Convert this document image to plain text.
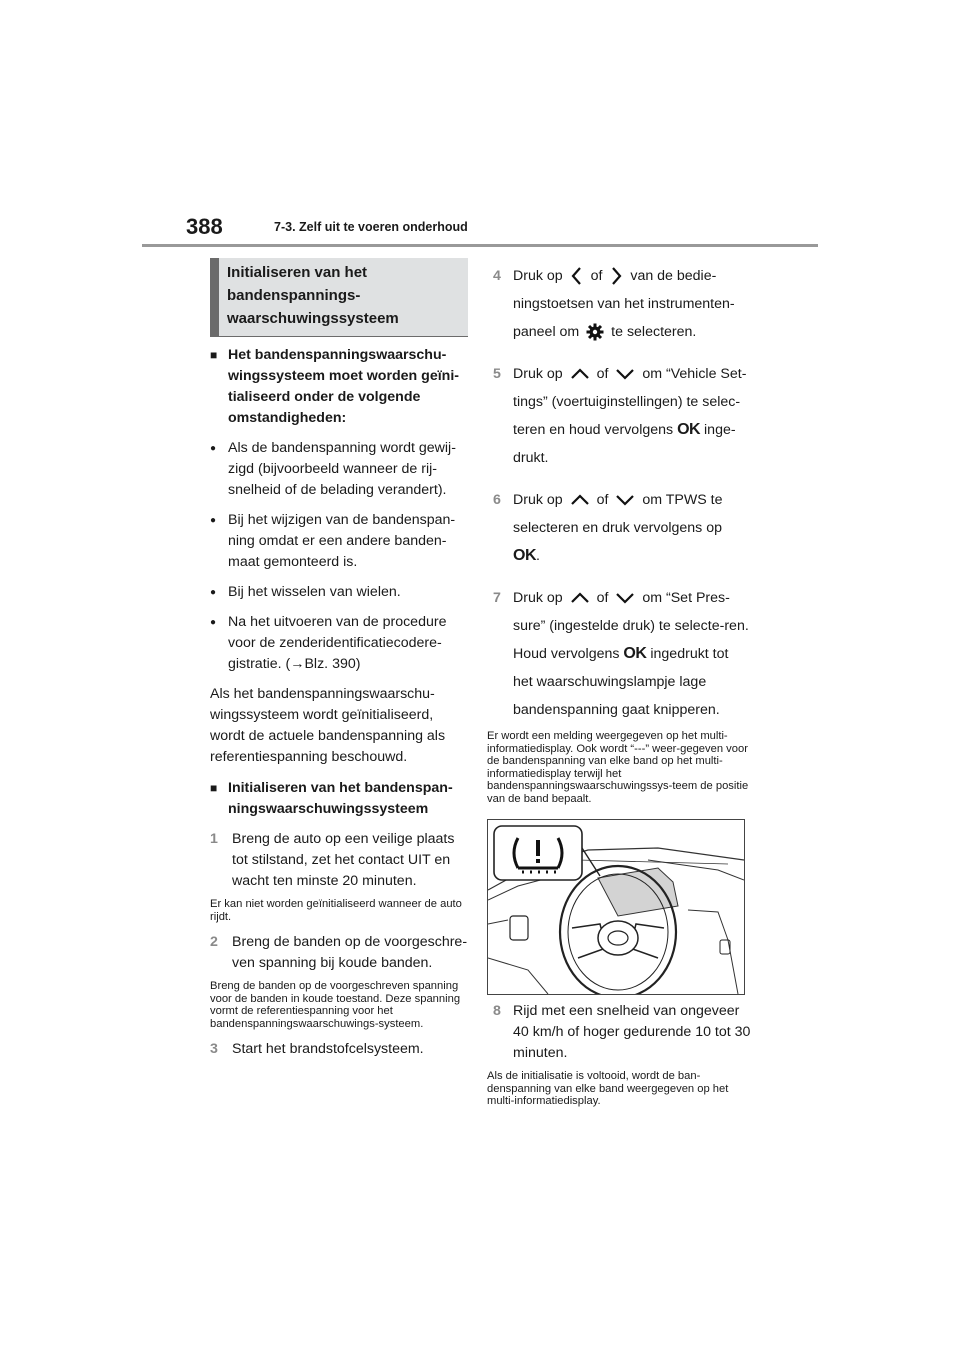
388	7-3. Zelf uit te voeren onderhoud
Initialiseren van het
bandenspannings-
waarschuwingssysteem
■ Het bandenspanningswaarschu-wingssysteem moet worden geïni-tialiseerd onder de volgende omstandigheden:
● Als de bandenspanning wordt gewij-zigd (bijvoorbeeld wanneer de rij-snelheid of de belading verandert).
● Bij het wijzigen van de bandenspan-ning omdat er een andere banden-maat gemonteerd is.
● Bij het wisselen van wielen.
● Na het uitvoeren van de procedure voor de zenderidentificatiecodere-gistratie. (→Blz. 390)
Als het bandenspanningswaarschu-wingssysteem wordt geïnitialiseerd, wordt de actuele bandenspanning als referentiespanning beschouwd.
■ Initialiseren van het bandenspan-ningswaarschuwingssysteem
1 Breng de auto op een veilige plaats tot stilstand, zet het contact UIT en wacht ten minste 20 minuten.
Er kan niet worden geïnitialiseerd wanneer de auto rijdt.
2 Breng de banden op de voorgeschre-ven spanning bij koude banden.
Breng de banden op de voorgeschreven spanning voor de banden in koude toestand. Deze spanning vormt de referentiespanning voor het bandenspanningswaarschuwings-systeem.
3 Start het brandstofcelsysteem.
4 Druk op of van de bedie-ningstoetsen van het instrumenten-paneel om te selecteren.
5 Druk op of om “Vehicle Set-tings” (voertuiginstellingen) te selec-teren en houd vervolgens OK inge-drukt.
6 Druk op of om TPWS te selecteren en druk vervolgens op OK.
7 Druk op of om “Set Pres-sure” (ingestelde druk) te selecte-ren. Houd vervolgens OK ingedrukt tot het waarschuwingslampje lage bandenspanning gaat knipperen.
Er wordt een melding weergegeven op het multi-informatiedisplay. Ook wordt “---” weer-gegeven voor de bandenspanning van elke band op het multi-informatiedisplay terwijl het bandenspanningswaarschuwingssys-teem de positie van de band bepaalt.
8 Rijd met een snelheid van ongeveer 40 km/h of hoger gedurende 10 tot 30 minuten.
Als de initialisatie is voltooid, wordt de ban-denspanning van elke band weergegeven op het multi-informatiedisplay.
